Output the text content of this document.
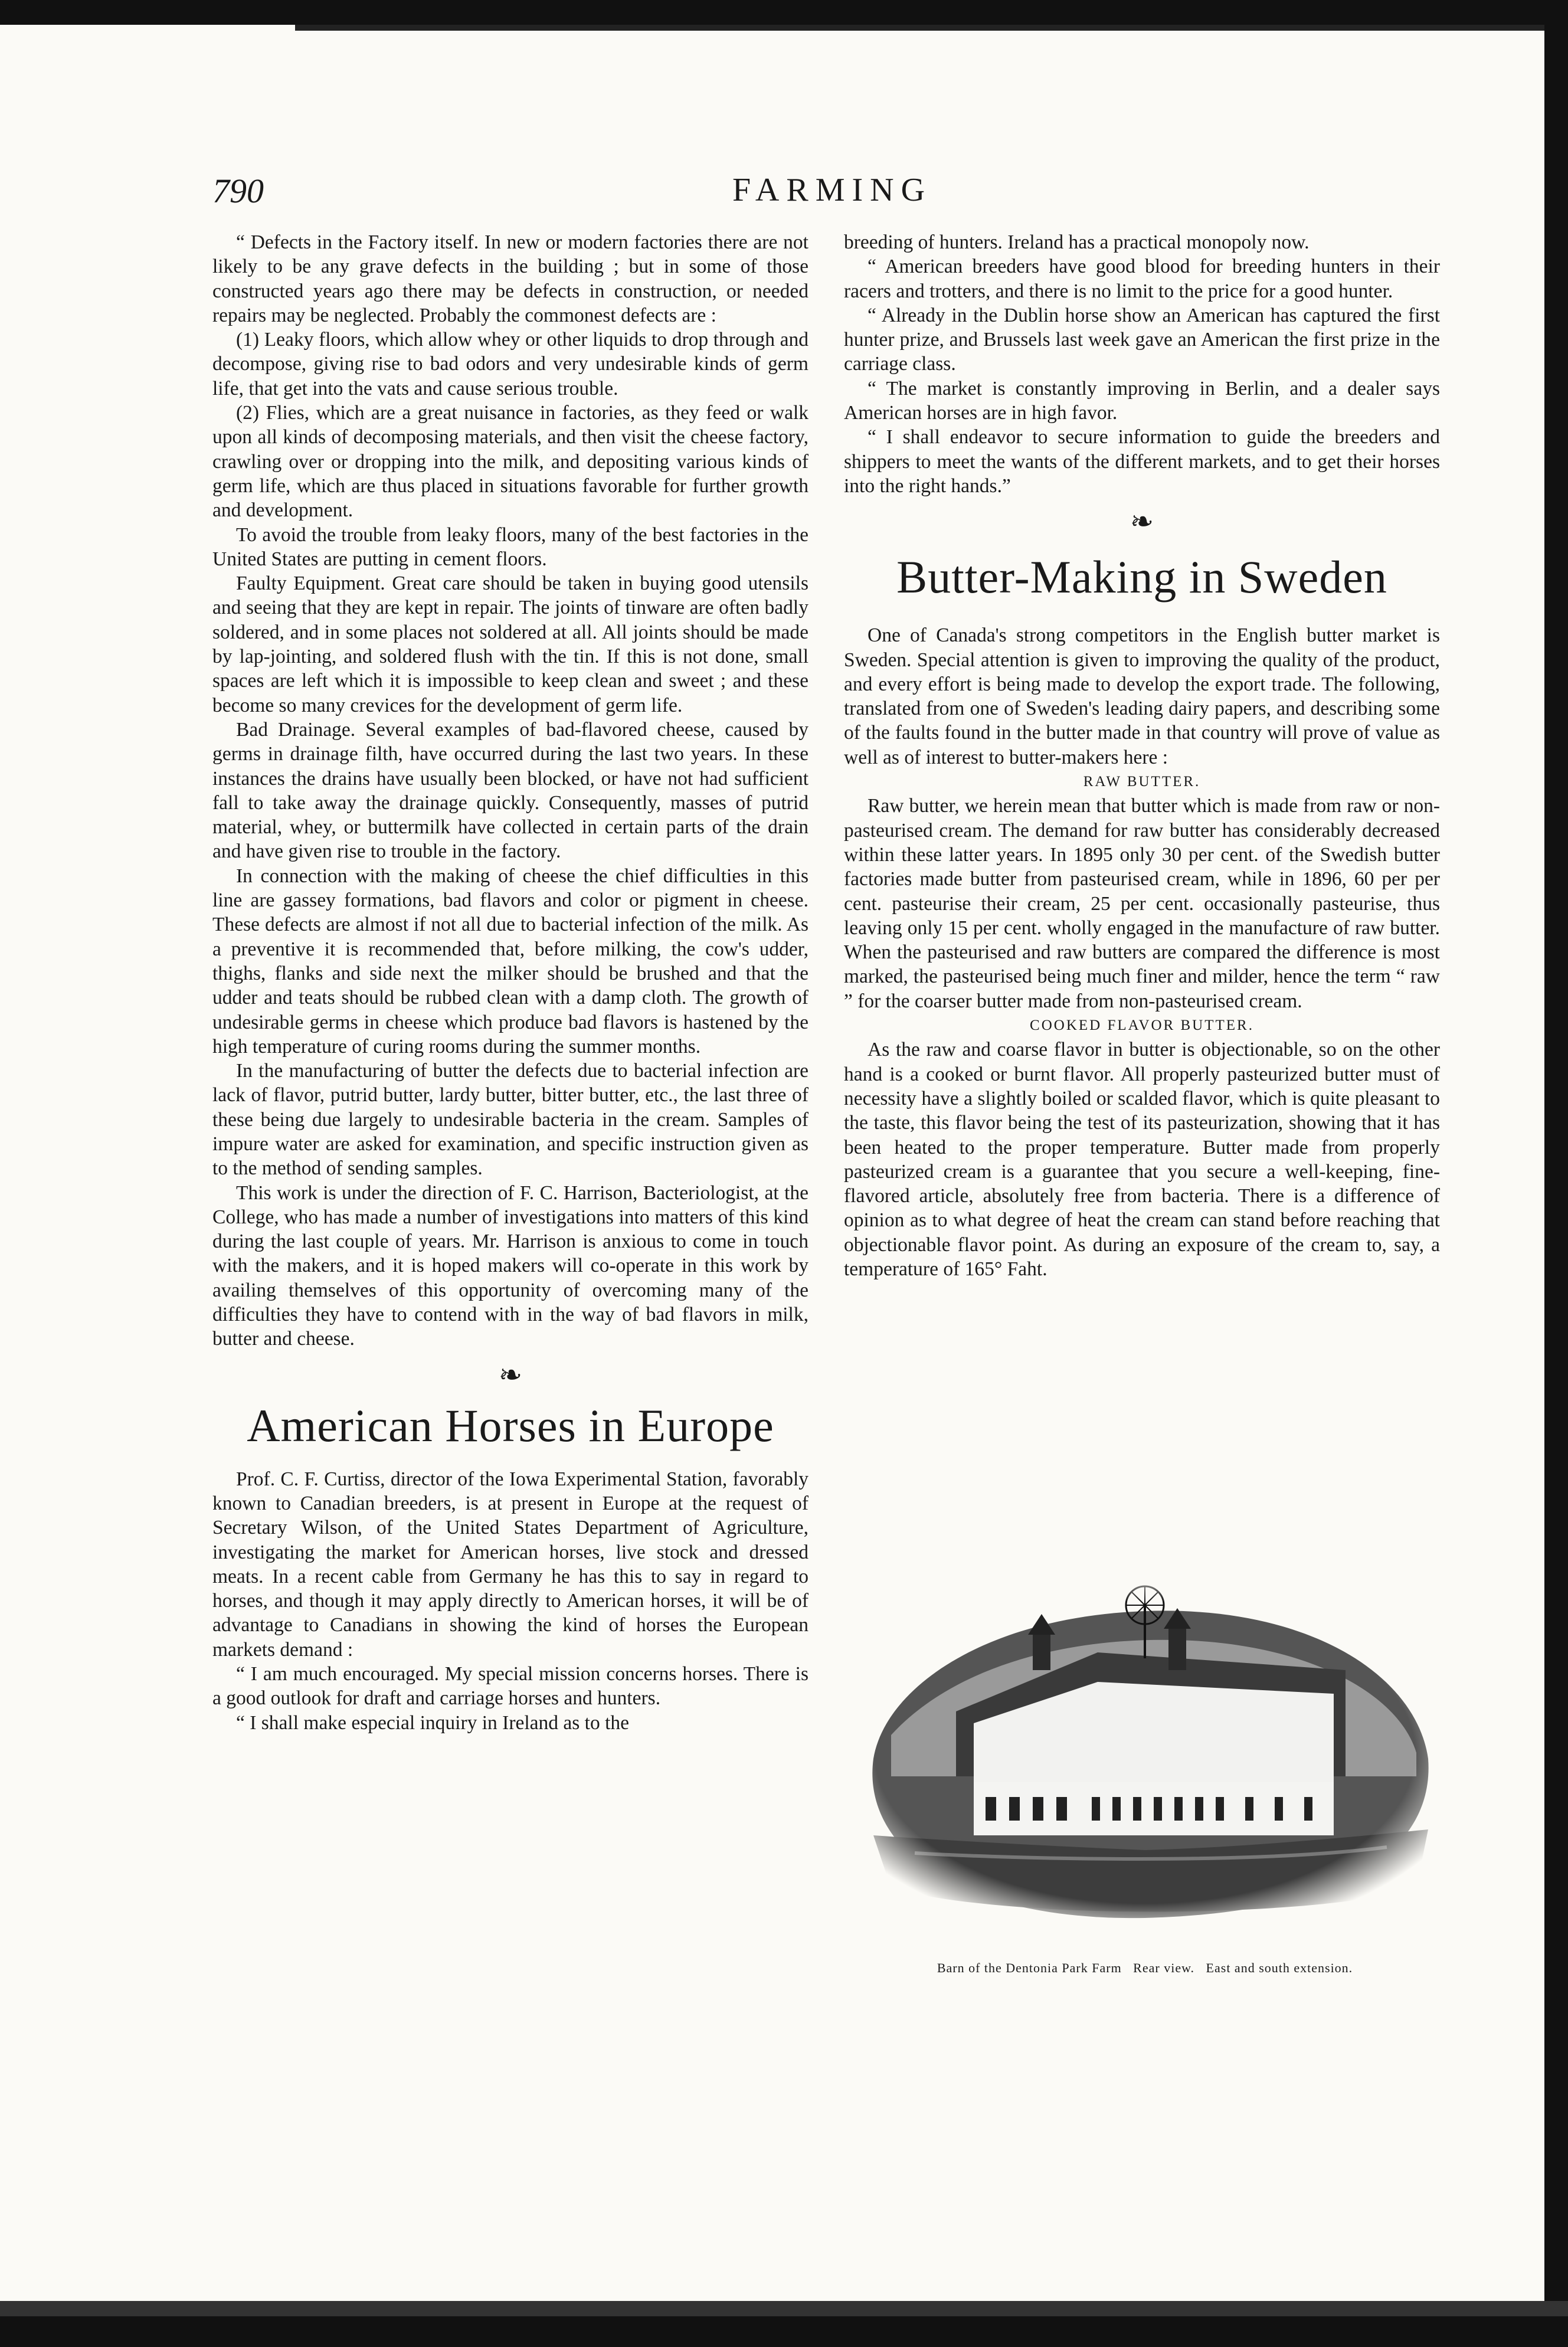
FARMING
790

“ Defects in the Factory itself. In new or modern factories there are not likely to be any grave defects in the building ; but in some of those constructed years ago there may be defects in construction, or needed repairs may be neglected. Probably the commonest defects are :

(1) Leaky floors, which allow whey or other liquids to drop through and decompose, giving rise to bad odors and very undesirable kinds of germ life, that get into the vats and cause serious trouble.

(2) Flies, which are a great nuisance in factories, as they feed or walk upon all kinds of decomposing materials, and then visit the cheese factory, crawling over or dropping into the milk, and depositing various kinds of germ life, which are thus placed in situations favorable for further growth and development.

To avoid the trouble from leaky floors, many of the best factories in the United States are putting in cement floors.

Faulty Equipment. Great care should be taken in buying good utensils and seeing that they are kept in repair. The joints of tinware are often badly soldered, and in some places not soldered at all. All joints should be made by lap-jointing, and soldered flush with the tin. If this is not done, small spaces are left which it is impossible to keep clean and sweet ; and these become so many crevices for the development of germ life.

Bad Drainage. Several examples of bad-flavored cheese, caused by germs in drainage filth, have occurred during the last two years. In these instances the drains have usually been blocked, or have not had sufficient fall to take away the drainage quickly. Consequently, masses of putrid material, whey, or buttermilk have collected in certain parts of the drain and have given rise to trouble in the factory.

In connection with the making of cheese the chief difficulties in this line are gassey formations, bad flavors and color or pigment in cheese. These defects are almost if not all due to bacterial infection of the milk. As a preventive it is recommended that, before milking, the cow's udder, thighs, flanks and side next the milker should be brushed and that the udder and teats should be rubbed clean with a damp cloth. The growth of undesirable germs in cheese which produce bad flavors is hastened by the high temperature of curing rooms during the summer months.

In the manufacturing of butter the defects due to bacterial infection are lack of flavor, putrid butter, lardy butter, bitter butter, etc., the last three of these being due largely to undesirable bacteria in the cream. Samples of impure water are asked for examination, and specific instruction given as to the method of sending samples.

This work is under the direction of F. C. Harrison, Bacteriologist, at the College, who has made a number of investigations into matters of this kind during the last couple of years. Mr. Harrison is anxious to come in touch with the makers, and it is hoped makers will co-operate in this work by availing themselves of this opportunity of overcoming many of the difficulties they have to contend with in the way of bad flavors in milk, butter and cheese.

❧
American Horses in Europe

Prof. C. F. Curtiss, director of the Iowa Experimental Station, favorably known to Canadian breeders, is at present in Europe at the request of Secretary Wilson, of the United States Department of Agriculture, investigating the market for American horses, live stock and dressed meats. In a recent cable from Germany he has this to say in regard to horses, and though it may apply directly to American horses, it will be of advantage to Canadians in showing the kind of horses the European markets demand :

“ I am much encouraged. My special mission concerns horses. There is a good outlook for draft and carriage horses and hunters.

“ I shall make especial inquiry in Ireland as to the

breeding of hunters. Ireland has a practical monopoly now.

“ American breeders have good blood for breeding hunters in their racers and trotters, and there is no limit to the price for a good hunter.

“ Already in the Dublin horse show an American has captured the first hunter prize, and Brussels last week gave an American the first prize in the carriage class.

“ The market is constantly improving in Berlin, and a dealer says American horses are in high favor.

“ I shall endeavor to secure information to guide the breeders and shippers to meet the wants of the different markets, and to get their horses into the right hands.”

❧
Butter-Making in Sweden

One of Canada's strong competitors in the English butter market is Sweden. Special attention is given to improving the quality of the product, and every effort is being made to develop the export trade. The following, translated from one of Sweden's leading dairy papers, and describing some of the faults found in the butter made in that country will prove of value as well as of interest to butter-makers here :

RAW BUTTER.

Raw butter, we herein mean that butter which is made from raw or non-pasteurised cream. The demand for raw butter has considerably decreased within these latter years. In 1895 only 30 per cent. of the Swedish butter factories made butter from pasteurised cream, while in 1896, 60 per per cent. pasteurise their cream, 25 per cent. occasionally pasteurise, thus leaving only 15 per cent. wholly engaged in the manufacture of raw butter. When the pasteurised and raw butters are compared the difference is most marked, the pasteurised being much finer and milder, hence the term “ raw ” for the coarser butter made from non-pasteurised cream.

COOKED FLAVOR BUTTER.

As the raw and coarse flavor in butter is objectionable, so on the other hand is a cooked or burnt flavor. All properly pasteurized butter must of necessity have a slightly boiled or scalded flavor, which is quite pleasant to the taste, this flavor being the test of its pasteurization, showing that it has been heated to the proper temperature. Butter made from properly pasteurized cream is a guarantee that you secure a well-keeping, fine-flavored article, absolutely free from bacteria. There is a difference of opinion as to what degree of heat the cream can stand before reaching that objectionable flavor point. As during an exposure of the cream to, say, a temperature of 165° Faht.

Barn of the Dentonia Park Farm   Rear view.   East and south extension.
